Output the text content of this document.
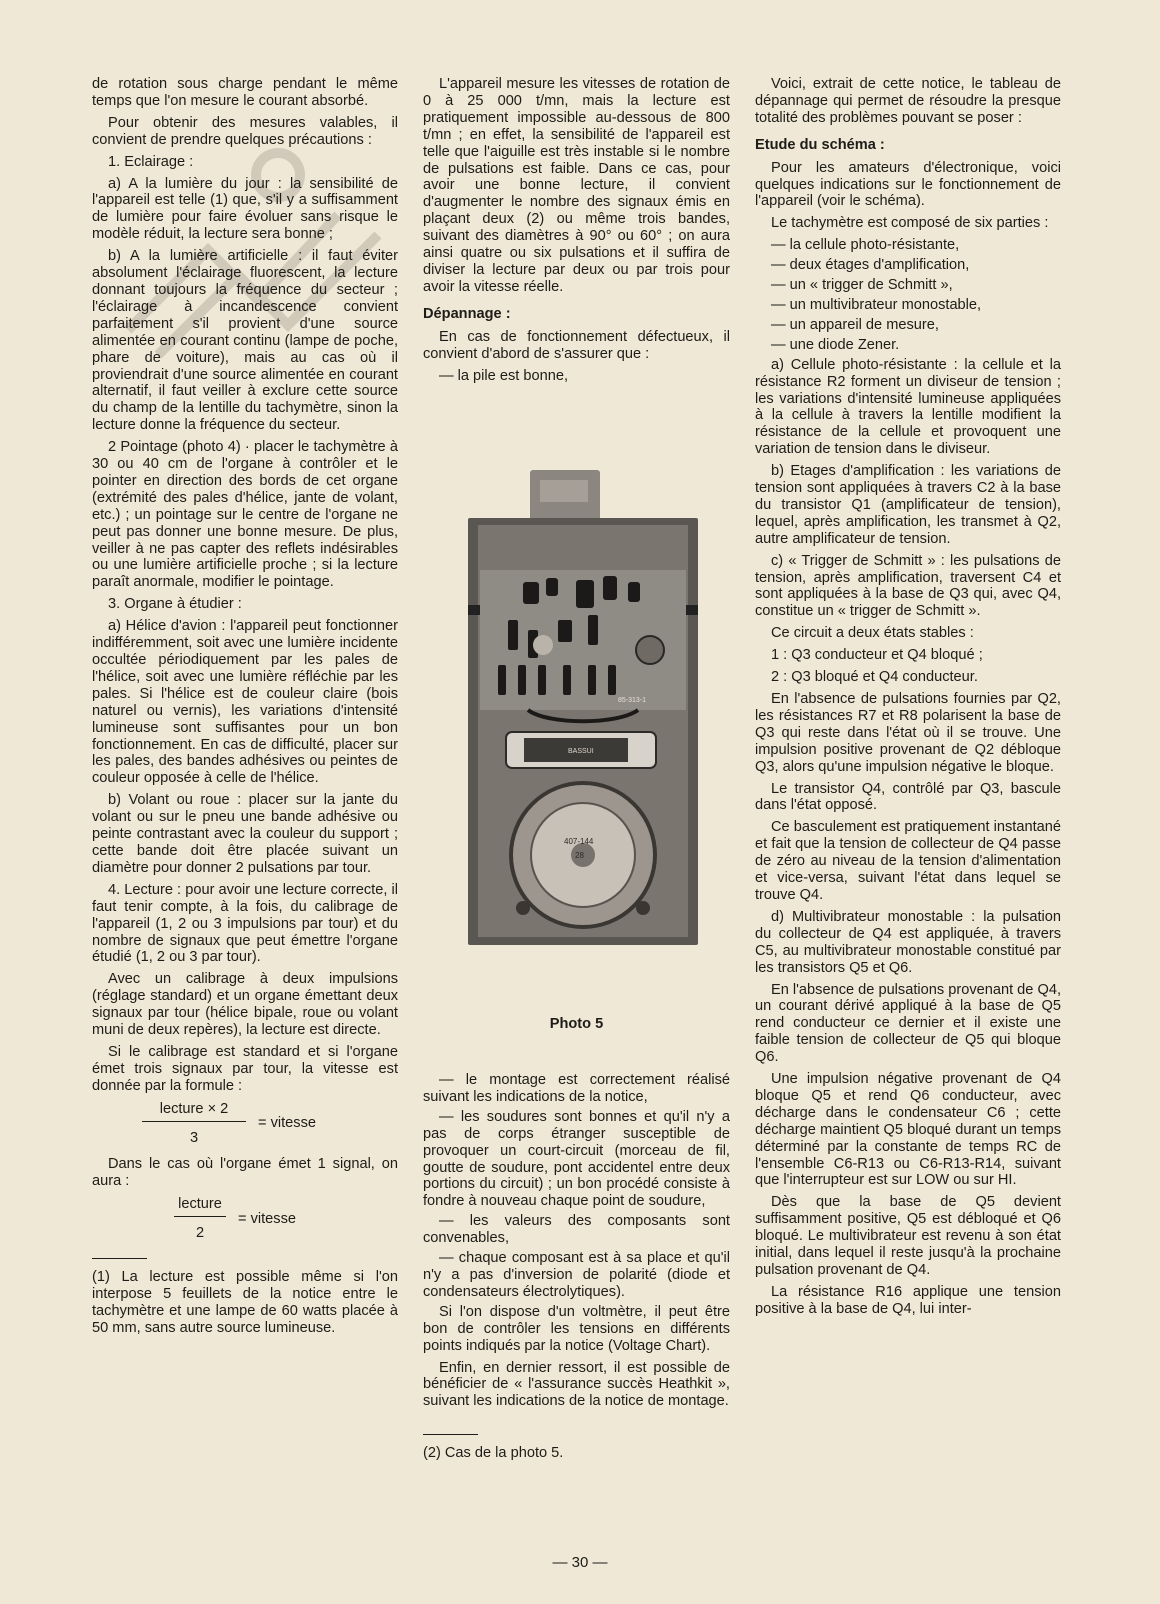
de rotation sous charge pendant le même temps que l'on mesure le courant absorbé.

Pour obtenir des mesures valables, il convient de prendre quelques précautions :

1. Eclairage :

a) A la lumière du jour : la sensibilité de l'appareil est telle (1) que, s'il y a suffisamment de lumière pour faire évoluer sans risque le modèle réduit, la lecture sera bonne ;

b) A la lumière artificielle : il faut éviter absolument l'éclairage fluorescent, la lecture donnant toujours la fréquence du secteur ; l'éclairage à incandescence convient parfaitement s'il provient d'une source alimentée en courant continu (lampe de poche, phare de voiture), mais au cas où il proviendrait d'une source alimentée en courant alternatif, il faut veiller à exclure cette source du champ de la lentille du tachymètre, sinon la lecture donne la fréquence du secteur.

2 Pointage (photo 4) · placer le tachymètre à 30 ou 40 cm de l'organe à contrôler et le pointer en direction des bords de cet organe (extrémité des pales d'hélice, jante de volant, etc.) ; un pointage sur le centre de l'organe ne peut pas donner une bonne mesure. De plus, veiller à ne pas capter des reflets indésirables ou une lumière artificielle proche ; si la lecture paraît anormale, modifier le pointage.

3. Organe à étudier :

a) Hélice d'avion : l'appareil peut fonctionner indifféremment, soit avec une lumière incidente occultée périodiquement par les pales de l'hélice, soit avec une lumière réfléchie par les pales. Si l'hélice est de couleur claire (bois naturel ou vernis), les variations d'intensité lumineuse sont suffisantes pour un bon fonctionnement. En cas de difficulté, placer sur les pales, des bandes adhésives ou peintes de couleur opposée à celle de l'hélice.

b) Volant ou roue : placer sur la jante du volant ou sur le pneu une bande adhésive ou peinte contrastant avec la couleur du support ; cette bande doit être placée suivant un diamètre pour donner 2 pulsations par tour.

4. Lecture : pour avoir une lecture correcte, il faut tenir compte, à la fois, du calibrage de l'appareil (1, 2 ou 3 impulsions par tour) et du nombre de signaux que peut émettre l'organe étudié (1, 2 ou 3 par tour).

Avec un calibrage à deux impulsions (réglage standard) et un organe émettant deux signaux par tour (hélice bipale, roue ou volant muni de deux repères), la lecture est directe.

Si le calibrage est standard et si l'organe émet trois signaux par tour, la vitesse est donnée par la formule :

$\frac{\text{lecture × 2}}{3}$ = vitesse

Dans le cas où l'organe émet 1 signal, on aura :

$\frac{\text{lecture}}{2}$ = vitesse

(1) La lecture est possible même si l'on interpose 5 feuillets de la notice entre le tachymètre et une lampe de 60 watts placée à 50 mm, sans autre source lumineuse.

L'appareil mesure les vitesses de rotation de 0 à 25 000 t/mn, mais la lecture est pratiquement impossible au-dessous de 800 t/mn ; en effet, la sensibilité de l'appareil est telle que l'aiguille est très instable si le nombre de pulsations est faible. Dans ce cas, pour avoir une bonne lecture, il convient d'augmenter le nombre des signaux émis en plaçant deux (2) ou même trois bandes, suivant des diamètres à 90° ou 60° ; on aura ainsi quatre ou six pulsations et il suffira de diviser la lecture par deux ou par trois pour avoir la vitesse réelle.

Dépannage :

En cas de fonctionnement défectueux, il convient d'abord de s'assurer que :

— la pile est bonne,

85-313-1
BASSUI
407-144
28
Photo 5

— le montage est correctement réalisé suivant les indications de la notice,

— les soudures sont bonnes et qu'il n'y a pas de corps étranger susceptible de provoquer un court-circuit (morceau de fil, goutte de soudure, pont accidentel entre deux portions du circuit) ; un bon procédé consiste à fondre à nouveau chaque point de soudure,

— les valeurs des composants sont convenables,

— chaque composant est à sa place et qu'il n'y a pas d'inversion de polarité (diode et condensateurs électrolytiques).

Si l'on dispose d'un voltmètre, il peut être bon de contrôler les tensions en différents points indiqués par la notice (Voltage Chart).

Enfin, en dernier ressort, il est possible de bénéficier de « l'assurance succès Heathkit », suivant les indications de la notice de montage.

(2) Cas de la photo 5.

Voici, extrait de cette notice, le tableau de dépannage qui permet de résoudre la presque totalité des problèmes pouvant se poser :

Etude du schéma :

Pour les amateurs d'électronique, voici quelques indications sur le fonctionnement de l'appareil (voir le schéma).

Le tachymètre est composé de six parties :

— la cellule photo-résistante,

— deux étages d'amplification,

— un « trigger de Schmitt »,

— un multivibrateur monostable,

— un appareil de mesure,

— une diode Zener.

a) Cellule photo-résistante : la cellule et la résistance R2 forment un diviseur de tension ; les variations d'intensité lumineuse appliquées à la cellule à travers la lentille modifient la résistance de la cellule et provoquent une variation de tension dans le diviseur.

b) Etages d'amplification : les variations de tension sont appliquées à travers C2 à la base du transistor Q1 (amplificateur de tension), lequel, après amplification, les transmet à Q2, autre amplificateur de tension.

c) « Trigger de Schmitt » : les pulsations de tension, après amplification, traversent C4 et sont appliquées à la base de Q3 qui, avec Q4, constitue un « trigger de Schmitt ».

Ce circuit a deux états stables :

1 : Q3 conducteur et Q4 bloqué ;

2 : Q3 bloqué et Q4 conducteur.

En l'absence de pulsations fournies par Q2, les résistances R7 et R8 polarisent la base de Q3 qui reste dans l'état où il se trouve. Une impulsion positive provenant de Q2 débloque Q3, alors qu'une impulsion négative le bloque.

Le transistor Q4, contrôlé par Q3, bascule dans l'état opposé.

Ce basculement est pratiquement instantané et fait que la tension de collecteur de Q4 passe de zéro au niveau de la tension d'alimentation et vice-versa, suivant l'état dans lequel se trouve Q4.

d) Multivibrateur monostable : la pulsation du collecteur de Q4 est appliquée, à travers C5, au multivibrateur monostable constitué par les transistors Q5 et Q6.

En l'absence de pulsations provenant de Q4, un courant dérivé appliqué à la base de Q5 rend conducteur ce dernier et il existe une faible tension de collecteur de Q5 qui bloque Q6.

Une impulsion négative provenant de Q4 bloque Q5 et rend Q6 conducteur, avec décharge dans le condensateur C6 ; cette décharge maintient Q5 bloqué durant un temps déterminé par la constante de temps RC de l'ensemble C6-R13 ou C6-R13-R14, suivant que l'interrupteur est sur LOW ou sur HI.

Dès que la base de Q5 devient suffisamment positive, Q5 est débloqué et Q6 bloqué. Le multivibrateur est revenu à son état initial, dans lequel il reste jusqu'à la prochaine pulsation provenant de Q4.

La résistance R16 applique une tension positive à la base de Q4, lui inter-

— 30 —
